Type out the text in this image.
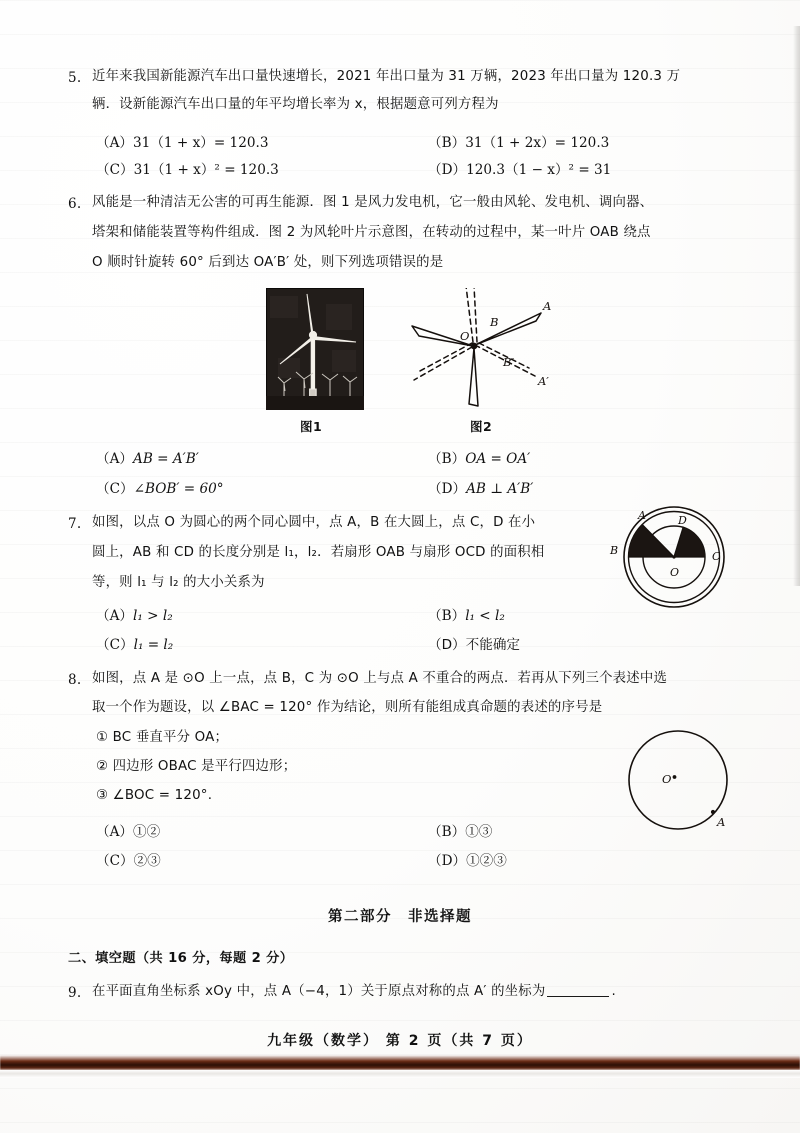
5. 近年来我国新能源汽车出口量快速增长，2021 年出口量为 31 万辆，2023 年出口量为 120.3 万
辆．设新能源汽车出口量的年平均增长率为 x，根据题意可列方程为
（A）31（1 + x）= 120.3	（B）31（1 + 2x）= 120.3
（C）31（1 + x）² = 120.3	（D）120.3（1 − x）² = 31
6. 风能是一种清洁无公害的可再生能源．图 1 是风力发电机，它一般由风轮、发电机、调向器、
塔架和储能装置等构件组成．图 2 为风轮叶片示意图，在转动的过程中，某一叶片 OAB 绕点
O 顺时针旋转 60° 后到达 OA′B′ 处，则下列选项错误的是
图1
A
B
O
B′
A′
图2
（A）AB = A′B′	（B）OA = OA′
（C）∠BOB′ = 60°	（D）AB ⊥ A′B′
7. 如图，以点 O 为圆心的两个同心圆中，点 A，B 在大圆上，点 C，D 在小
圆上，AB 和 CD 的长度分别是 l₁，l₂．若扇形 OAB 与扇形 OCD 的面积相
等，则 l₁ 与 l₂ 的大小关系为
A	D
B	C
O
（A）l₁ > l₂	（B）l₁ < l₂
（C）l₁ = l₂	（D）不能确定
8. 如图，点 A 是 ⊙O 上一点，点 B，C 为 ⊙O 上与点 A 不重合的两点．若再从下列三个表述中选
取一个作为题设，以 ∠BAC = 120° 作为结论，则所有能组成真命题的表述的序号是
① BC 垂直平分 OA；
② 四边形 OBAC 是平行四边形；
③ ∠BOC = 120°.
O
A
（A）①②	（B）①③
（C）②③	（D）①②③
第二部分　非选择题
二、填空题（共 16 分，每题 2 分）
9. 在平面直角坐标系 xOy 中，点 A（−4，1）关于原点对称的点 A′ 的坐标为	.
九年级（数学） 第 2 页（共 7 页）
